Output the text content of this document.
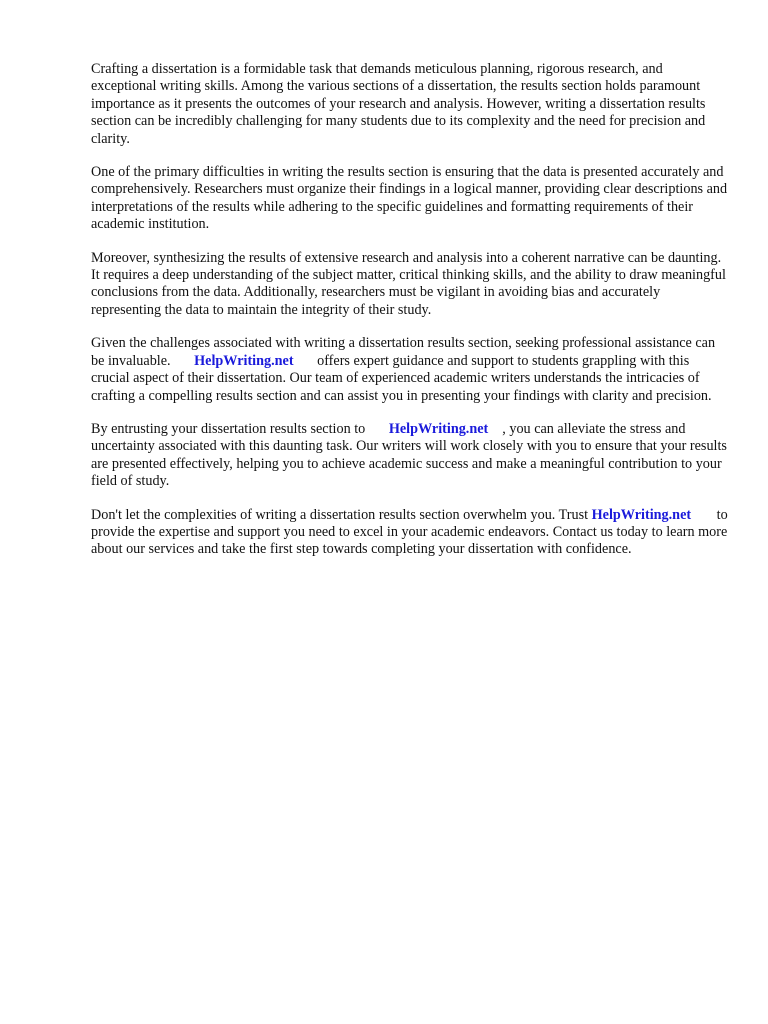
Crafting a dissertation is a formidable task that demands meticulous planning, rigorous research, and exceptional writing skills. Among the various sections of a dissertation, the results section holds paramount importance as it presents the outcomes of your research and analysis. However, writing a dissertation results section can be incredibly challenging for many students due to its complexity and the need for precision and clarity.

One of the primary difficulties in writing the results section is ensuring that the data is presented accurately and comprehensively. Researchers must organize their findings in a logical manner, providing clear descriptions and interpretations of the results while adhering to the specific guidelines and formatting requirements of their academic institution.

Moreover, synthesizing the results of extensive research and analysis into a coherent narrative can be daunting. It requires a deep understanding of the subject matter, critical thinking skills, and the ability to draw meaningful conclusions from the data. Additionally, researchers must be vigilant in avoiding bias and accurately representing the data to maintain the integrity of their study.

Given the challenges associated with writing a dissertation results section, seeking professional assistance can be invaluable. HelpWriting.net offers expert guidance and support to students grappling with this crucial aspect of their dissertation. Our team of experienced academic writers understands the intricacies of crafting a compelling results section and can assist you in presenting your findings with clarity and precision.

By entrusting your dissertation results section to HelpWriting.net , you can alleviate the stress and uncertainty associated with this daunting task. Our writers will work closely with you to ensure that your results are presented effectively, helping you to achieve academic success and make a meaningful contribution to your field of study.

Don't let the complexities of writing a dissertation results section overwhelm you. Trust HelpWriting.net to provide the expertise and support you need to excel in your academic endeavors. Contact us today to learn more about our services and take the first step towards completing your dissertation with confidence.
